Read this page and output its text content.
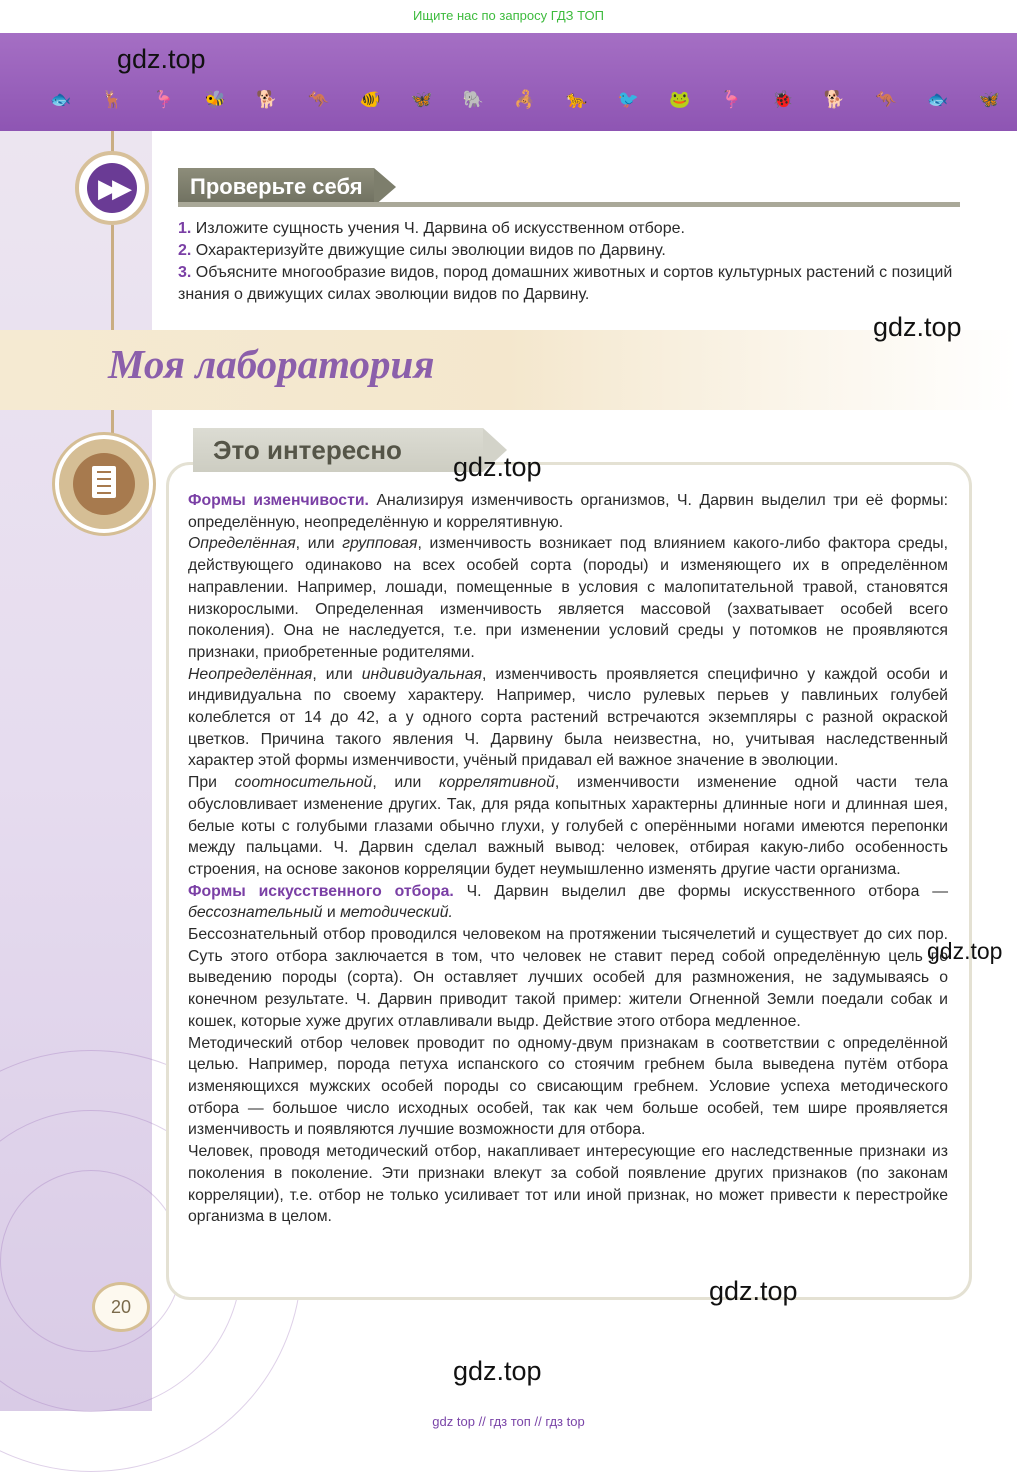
Ищите нас по запросу ГДЗ ТОП
🐟 🦌 🦩 🐝 🐕 🦘 🐠 🦋 🐘 🦂 🐆 🐦 🐸 🦩 🐞 🐕 🦘 🐟 🦋
gdz.top
▶▶	Проверьте себя
1. Изложите сущность учения Ч. Дарвина об искусственном отборе.
2. Охарактеризуйте движущие силы эволюции видов по Дарвину.
3. Объясните многообразие видов, пород домашних животных и сортов культурных растений с позиций знания о движущих силах эволюции видов по Дарвину.
Моя лаборатория
gdz.top
Это интересно
gdz.top

Формы изменчивости. Анализируя изменчивость организмов, Ч. Дарвин выделил три её формы: определённую, неопределённую и коррелятивную.

Определённая, или групповая, изменчивость возникает под влиянием какого-либо фактора среды, действующего одинаково на всех особей сорта (породы) и изменяющего их в определённом направлении. Например, лошади, помещенные в условия с малопитательной травой, становятся низкорослыми. Определенная изменчивость является массовой (захватывает особей всего поколения). Она не наследуется, т.е. при изменении условий среды у потомков не проявляются признаки, приобретенные родителями.

Неопределённая, или индивидуальная, изменчивость проявляется специфично у каждой особи и индивидуальна по своему характеру. Например, число рулевых перьев у павлиньих голубей колеблется от 14 до 42, а у одного сорта растений встречаются экземпляры с разной окраской цветков. Причина такого явления Ч. Дарвину была неизвестна, но, учитывая наследственный характер этой формы изменчивости, учёный придавал ей важное значение в эволюции.

При соотносительной, или коррелятивной, изменчивости изменение одной части тела обусловливает изменение других. Так, для ряда копытных характерны длинные ноги и длинная шея, белые коты с голубыми глазами обычно глухи, у голубей с оперёнными ногами имеются перепонки между пальцами. Ч. Дарвин сделал важный вывод: человек, отбирая какую-либо особенность строения, на основе законов корреляции будет неумышленно изменять другие части организма.

Формы искусственного отбора. Ч. Дарвин выделил две формы искусственного отбора — бессознательный и методический.

Бессознательный отбор проводился человеком на протяжении тысячелетий и существует до сих пор. Суть этого отбора заключается в том, что человек не ставит перед собой определённую цель по выведению породы (сорта). Он оставляет лучших особей для размножения, не задумываясь о конечном результате. Ч. Дарвин приводит такой пример: жители Огненной Земли поедали собак и кошек, которые хуже других отлавливали выдр. Действие этого отбора медленное.

Методический отбор человек проводит по одному-двум признакам в соответствии с определённой целью. Например, порода петуха испанского со стоячим гребнем была выведена путём отбора изменяющихся мужских особей породы со свисающим гребнем. Условие успеха методического отбора — большое число исходных особей, так как чем больше особей, тем шире проявляется изменчивость и появляются лучшие возможности для отбора.

Человек, проводя методический отбор, накапливает интересующие его наследственные признаки из поколения в поколение. Эти признаки влекут за собой появление других признаков (по законам корреляции), т.е. отбор не только усиливает тот или иной признак, но может привести к перестройке организма в целом.

gdz.top
gdz.top
20
gdz.top
gdz top // гдз топ // гдз top
